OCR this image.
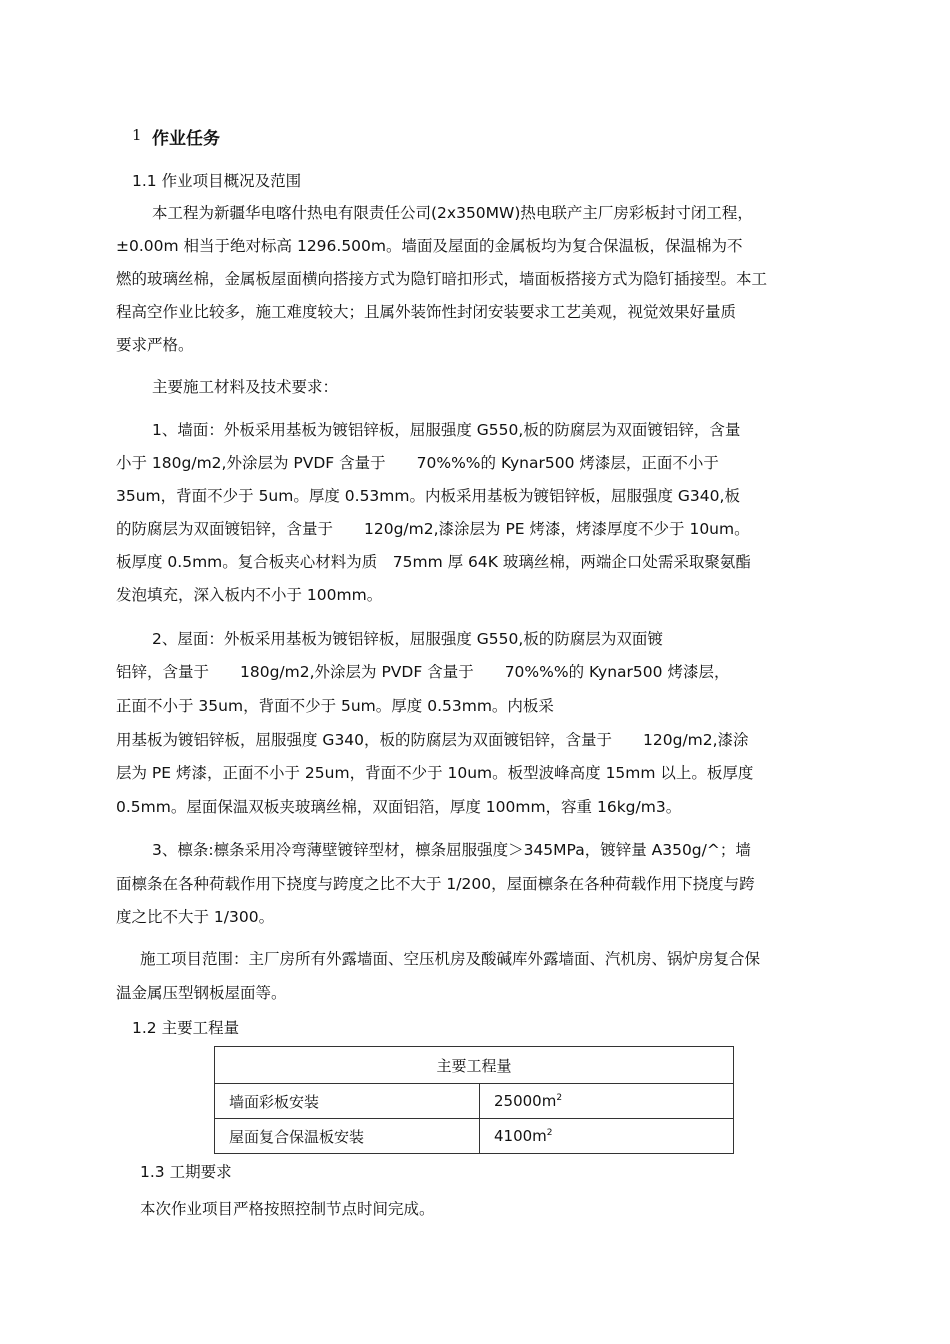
1 作业任务
1.1 作业项目概况及范围
本工程为新疆华电喀什热电有限责任公司(2x350MW)热电联产主厂房彩板封寸闭工程，
±0.00m 相当于绝对标高 1296.500m。墙面及屋面的金属板均为复合保温板，保温棉为不
燃的玻璃丝棉，金属板屋面横向搭接方式为隐钉暗扣形式，墙面板搭接方式为隐钉插接型。本工
程高空作业比较多，施工难度较大；且属外装饰性封闭安装要求工艺美观，视觉效果好量质
要求严格。
主要施工材料及技术要求：
1、墙面：外板采用基板为镀铝锌板，屈服强度 G550,板的防腐层为双面镀铝锌，含量
小于 180g/m2,外涂层为 PVDF 含量于　　70%%%的 Kynar500 烤漆层，正面不小于
35um，背面不少于 5um。厚度 0.53mm。内板采用基板为镀铝锌板，屈服强度 G340,板
的防腐层为双面镀铝锌，含量于　　120g/m2,漆涂层为 PE 烤漆，烤漆厚度不少于 10um。
板厚度 0.5mm。复合板夹心材料为质　75mm 厚 64K 玻璃丝棉，两端企口处需采取聚氨酯
发泡填充，深入板内不小于 100mm。
2、屋面：外板采用基板为镀铝锌板，屈服强度 G550,板的防腐层为双面镀
铝锌，含量于　　180g/m2,外涂层为 PVDF 含量于　　70%%%的 Kynar500 烤漆层，
正面不小于 35um，背面不少于 5um。厚度 0.53mm。内板采
用基板为镀铝锌板，屈服强度 G340，板的防腐层为双面镀铝锌，含量于　　120g/m2,漆涂
层为 PE 烤漆，正面不小于 25um，背面不少于 10um。板型波峰高度 15mm 以上。板厚度
0.5mm。屋面保温双板夹玻璃丝棉，双面铝箔，厚度 100mm，容重 16kg/m3。
3、檩条:檩条采用冷弯薄壁镀锌型材，檩条屈服强度＞345MPa，镀锌量 A350g/^；墙
面檩条在各种荷载作用下挠度与跨度之比不大于 1/200，屋面檩条在各种荷载作用下挠度与跨
度之比不大于 1/300。
施工项目范围：主厂房所有外露墙面、空压机房及酸碱库外露墙面、汽机房、锅炉房复合保
温金属压型钢板屋面等。
1.2 主要工程量
主要工程量	
墙面彩板安装	$25000m^2$
屋面复合保温板安装	$4100m^2$
1.3 工期要求
本次作业项目严格按照控制节点时间完成。
